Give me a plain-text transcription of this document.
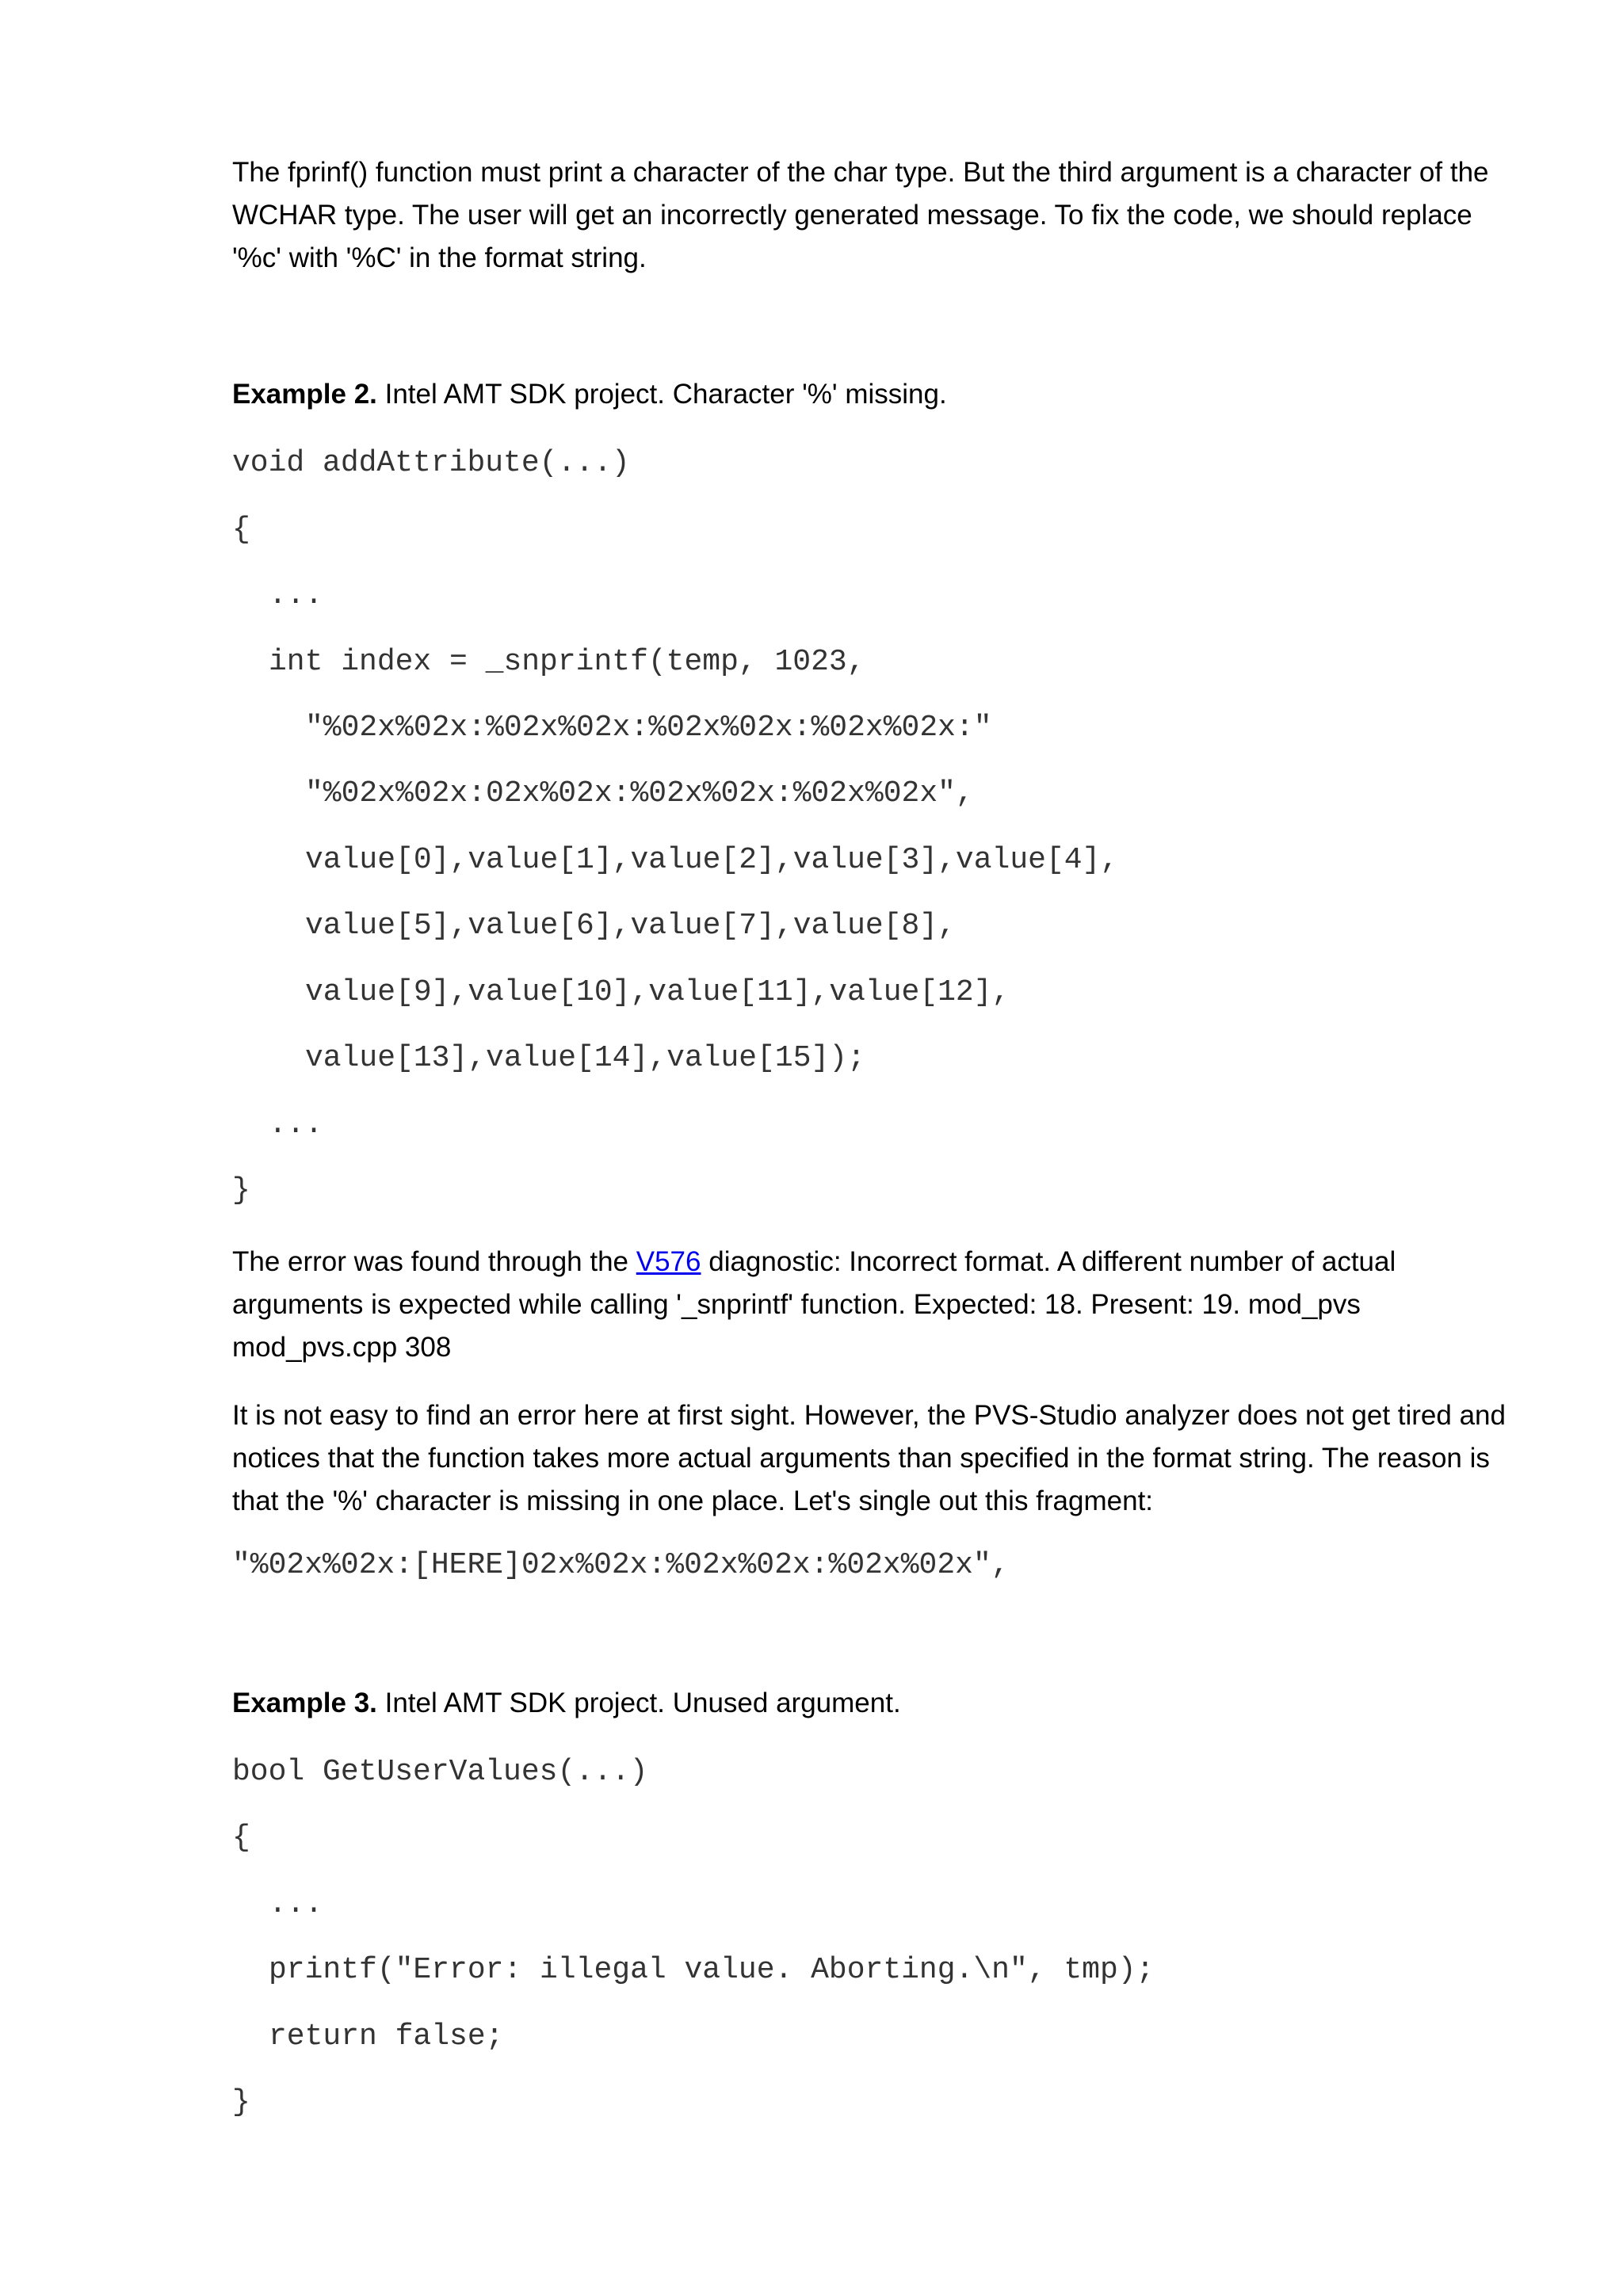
The fprinf() function must print a character of the char type. But the third argument is a character of the WCHAR type. The user will get an incorrectly generated message. To fix the code, we should replace '%c' with '%C' in the format string.

Example 2. Intel AMT SDK project. Character '%' missing.

void addAttribute(...)
{
...
int index = _snprintf(temp, 1023,
"%02x%02x:%02x%02x:%02x%02x:%02x%02x:"
"%02x%02x:02x%02x:%02x%02x:%02x%02x",
value[0],value[1],value[2],value[3],value[4],
value[5],value[6],value[7],value[8],
value[9],value[10],value[11],value[12],
value[13],value[14],value[15]);
...
}

The error was found through the V576 diagnostic: Incorrect format. A different number of actual arguments is expected while calling '_snprintf' function. Expected: 18. Present: 19. mod_pvs mod_pvs.cpp 308

It is not easy to find an error here at first sight. However, the PVS-Studio analyzer does not get tired and notices that the function takes more actual arguments than specified in the format string. The reason is that the '%' character is missing in one place. Let's single out this fragment:

"%02x%02x:[HERE]02x%02x:%02x%02x:%02x%02x",

Example 3. Intel AMT SDK project. Unused argument.

bool GetUserValues(...)
{
...
printf("Error: illegal value. Aborting.\n", tmp);
return false;
}
